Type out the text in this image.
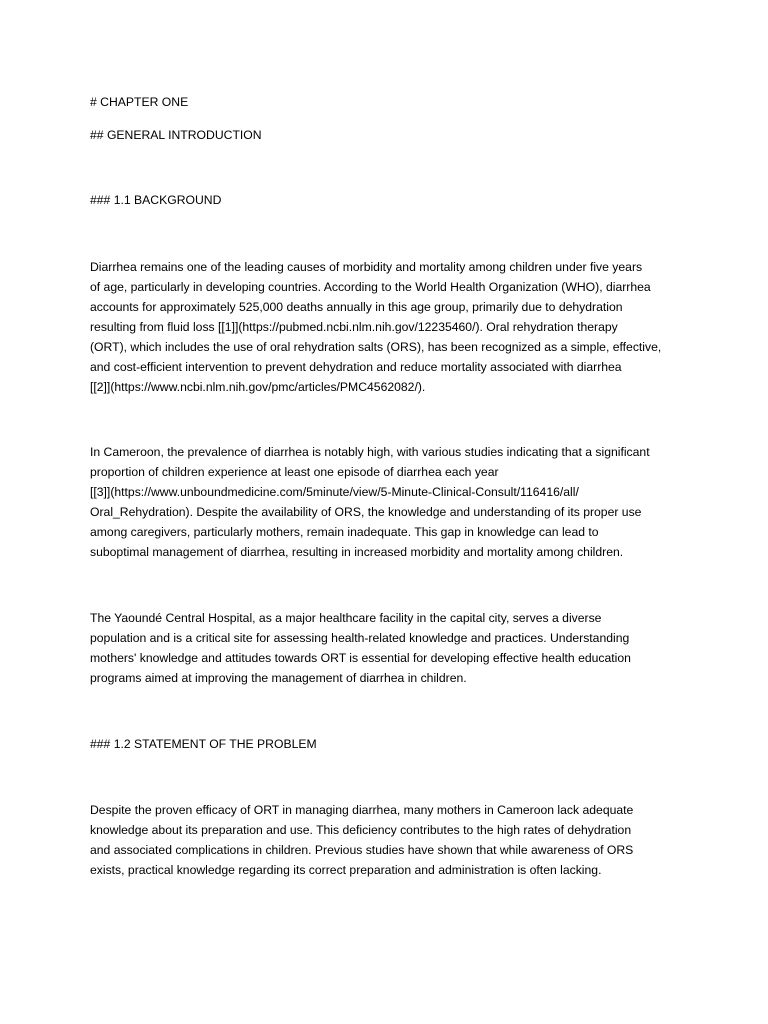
# CHAPTER ONE
## GENERAL INTRODUCTION
### 1.1 BACKGROUND
Diarrhea remains one of the leading causes of morbidity and mortality among children under five years
of age, particularly in developing countries. According to the World Health Organization (WHO), diarrhea
accounts for approximately 525,000 deaths annually in this age group, primarily due to dehydration
resulting from fluid loss [[1]](https://pubmed.ncbi.nlm.nih.gov/12235460/). Oral rehydration therapy
(ORT), which includes the use of oral rehydration salts (ORS), has been recognized as a simple, effective,
and cost-efficient intervention to prevent dehydration and reduce mortality associated with diarrhea
[[2]](https://www.ncbi.nlm.nih.gov/pmc/articles/PMC4562082/).
In Cameroon, the prevalence of diarrhea is notably high, with various studies indicating that a significant
proportion of children experience at least one episode of diarrhea each year
[[3]](https://www.unboundmedicine.com/5minute/view/5-Minute-Clinical-Consult/116416/all/
Oral_Rehydration). Despite the availability of ORS, the knowledge and understanding of its proper use
among caregivers, particularly mothers, remain inadequate. This gap in knowledge can lead to
suboptimal management of diarrhea, resulting in increased morbidity and mortality among children.
The Yaoundé Central Hospital, as a major healthcare facility in the capital city, serves a diverse
population and is a critical site for assessing health-related knowledge and practices. Understanding
mothers' knowledge and attitudes towards ORT is essential for developing effective health education
programs aimed at improving the management of diarrhea in children.
### 1.2 STATEMENT OF THE PROBLEM
Despite the proven efficacy of ORT in managing diarrhea, many mothers in Cameroon lack adequate
knowledge about its preparation and use. This deficiency contributes to the high rates of dehydration
and associated complications in children. Previous studies have shown that while awareness of ORS
exists, practical knowledge regarding its correct preparation and administration is often lacking.
